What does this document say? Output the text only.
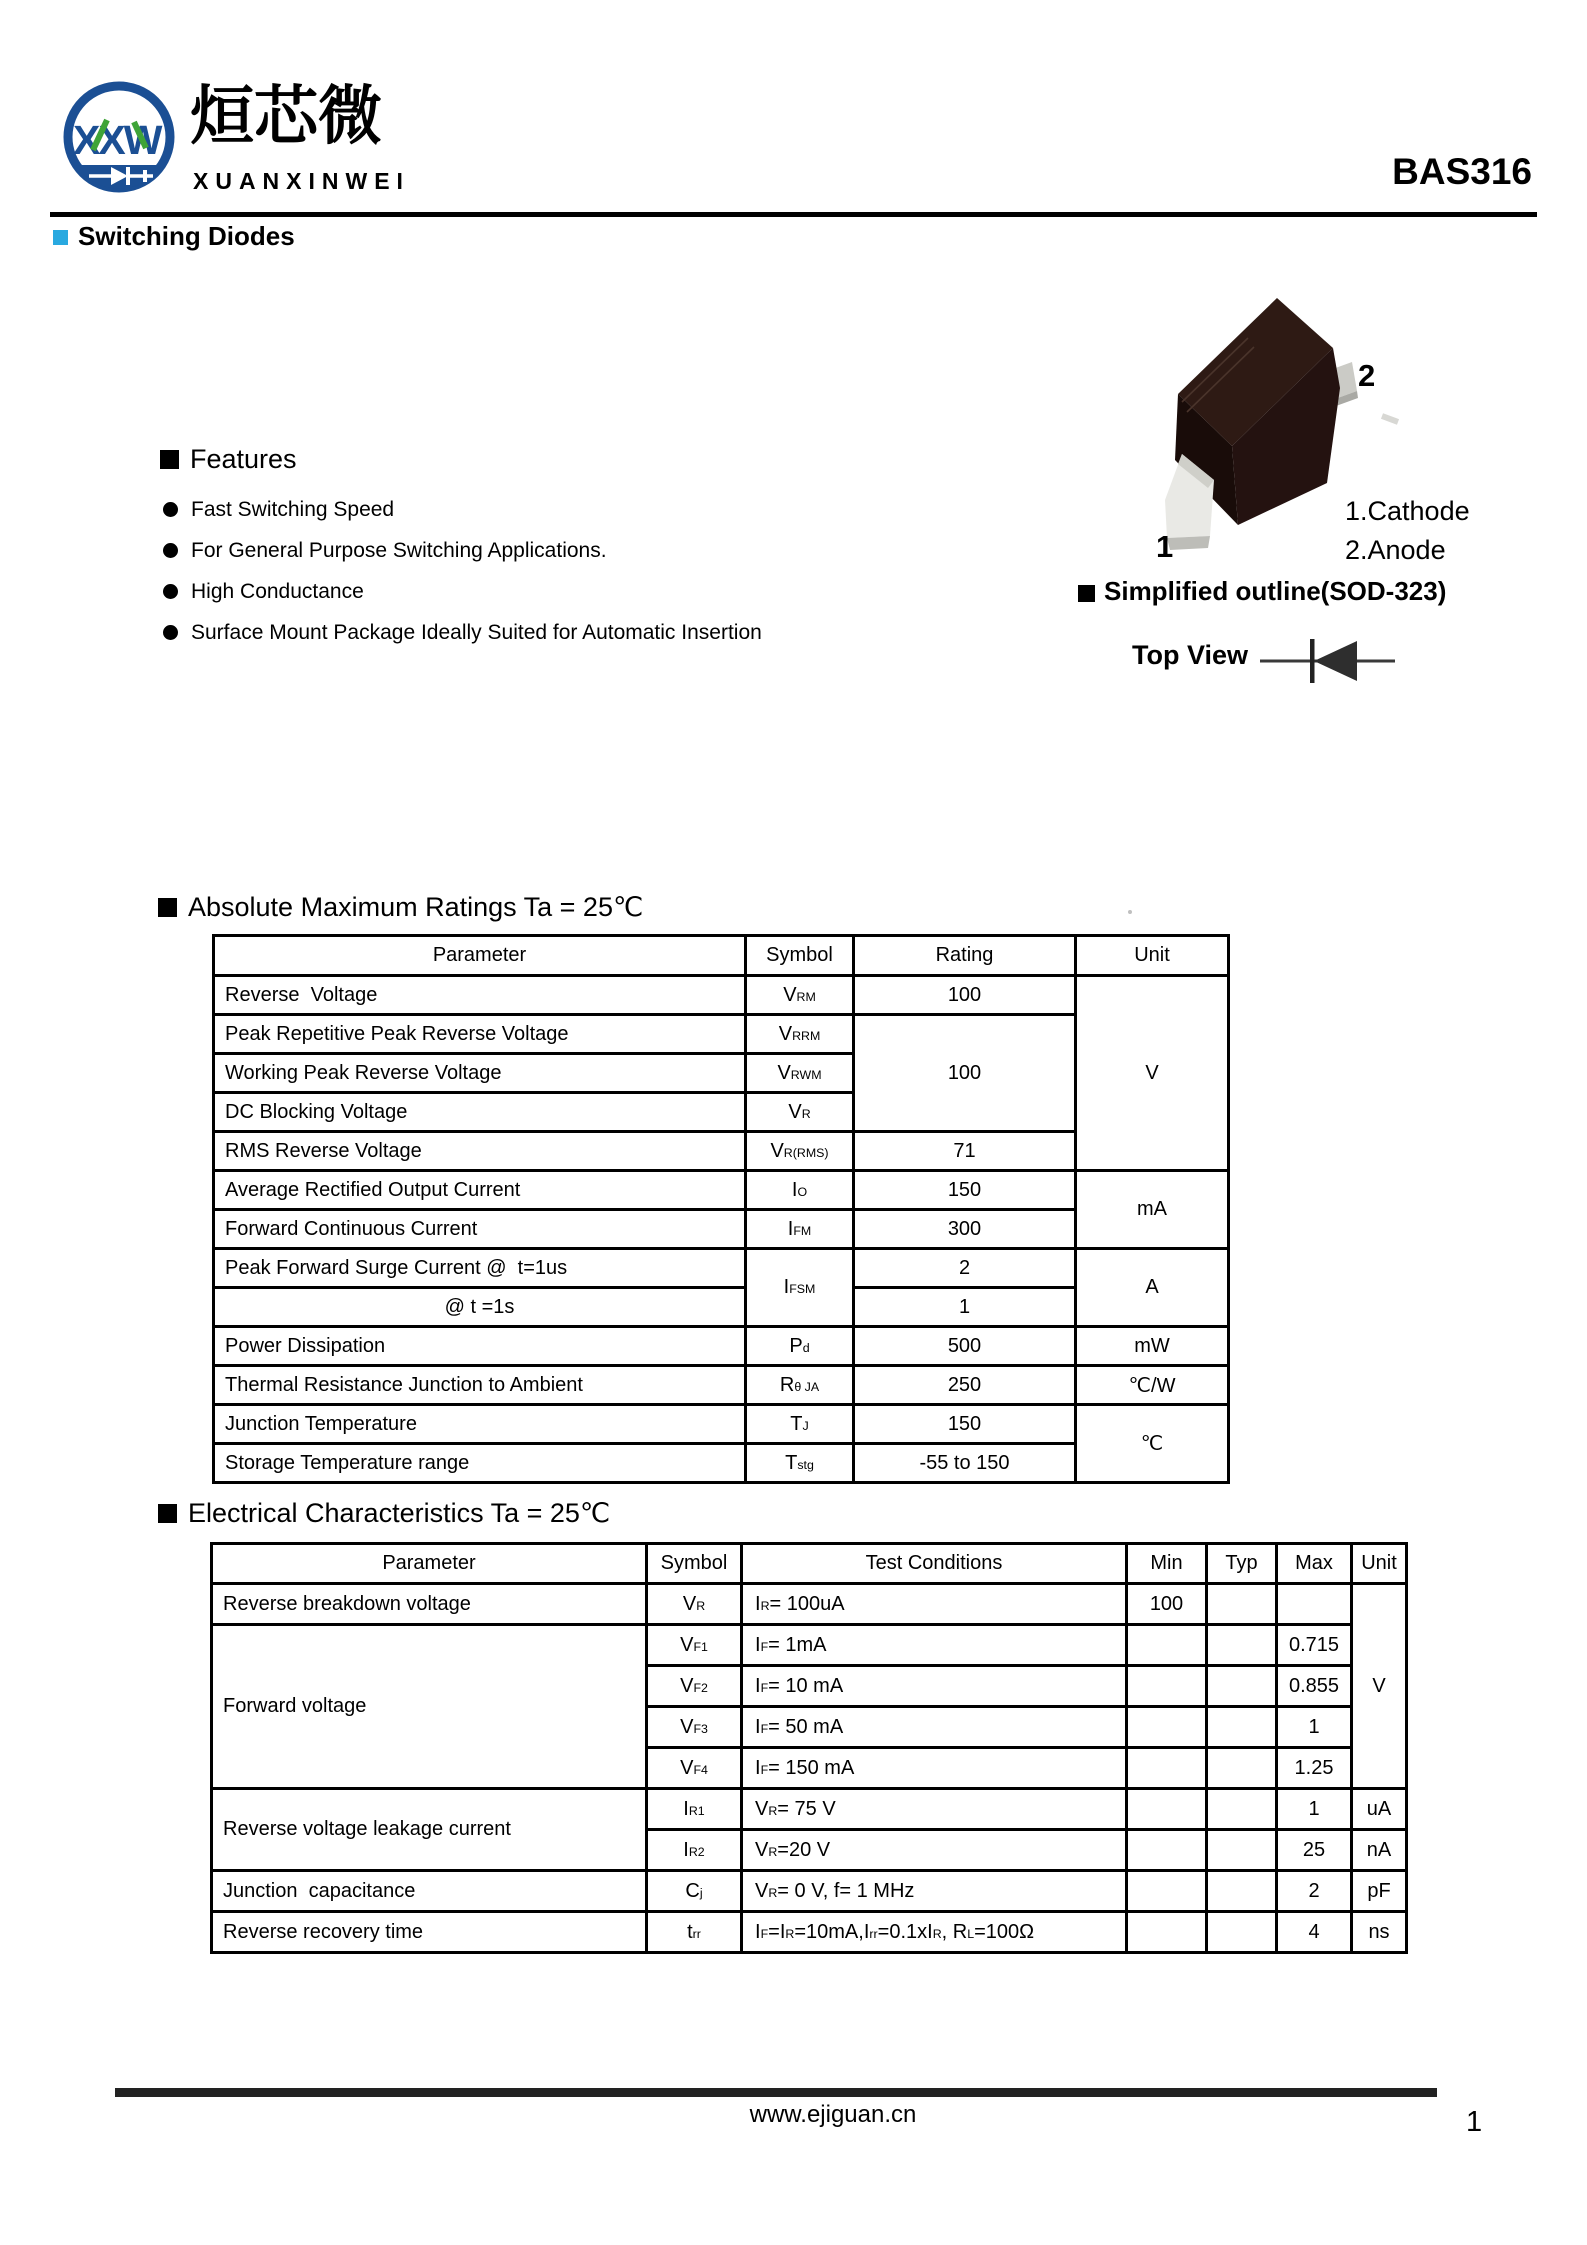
XXW 烜芯微
XUANXINWEI	BAS316
Switching Diodes
Features
Fast Switching Speed
For General Purpose Switching Applications.
High Conductance
Surface Mount Package Ideally Suited for Automatic Insertion
2
1
1.Cathode
2.Anode
Simplified outline(SOD-323)
Top View
Absolute Maximum Ratings Ta = 25℃
Parameter	Symbol	Rating	Unit
Reverse  Voltage	VRM	100	V
Peak Repetitive Peak Reverse Voltage	VRRM	100	
Working Peak Reverse Voltage	VRWM		
DC Blocking Voltage	VR		
RMS Reverse Voltage	VR(RMS)	71	
Average Rectified Output Current	IO	150	mA
Forward Continuous Current	IFM	300	
Peak Forward Surge Current @  t=1us	IFSM	2	A
@ t =1s		1	
Power Dissipation	Pd	500	mW
Thermal Resistance Junction to Ambient	Rθ JA	250	℃/W
Junction Temperature	TJ	150	℃
Storage Temperature range	Tstg	-55 to 150	
Electrical Characteristics Ta = 25℃
Parameter	Symbol	Test Conditions	Min	Typ	Max	Unit
Reverse breakdown voltage	VR	IR= 100uA	100			V
Forward voltage	VF1	IF= 1mA			0.715	
	VF2	IF= 10 mA			0.855	
	VF3	IF= 50 mA			1	
	VF4	IF= 150 mA			1.25	
Reverse voltage leakage current	IR1	VR= 75 V			1	uA
	IR2	VR=20 V			25	nA
Junction  capacitance	Cj	VR= 0 V, f= 1 MHz			2	pF
Reverse recovery time	trr	IF=IR=10mA,Irr=0.1xIR, RL=100Ω			4	ns
www.ejiguan.cn	1
